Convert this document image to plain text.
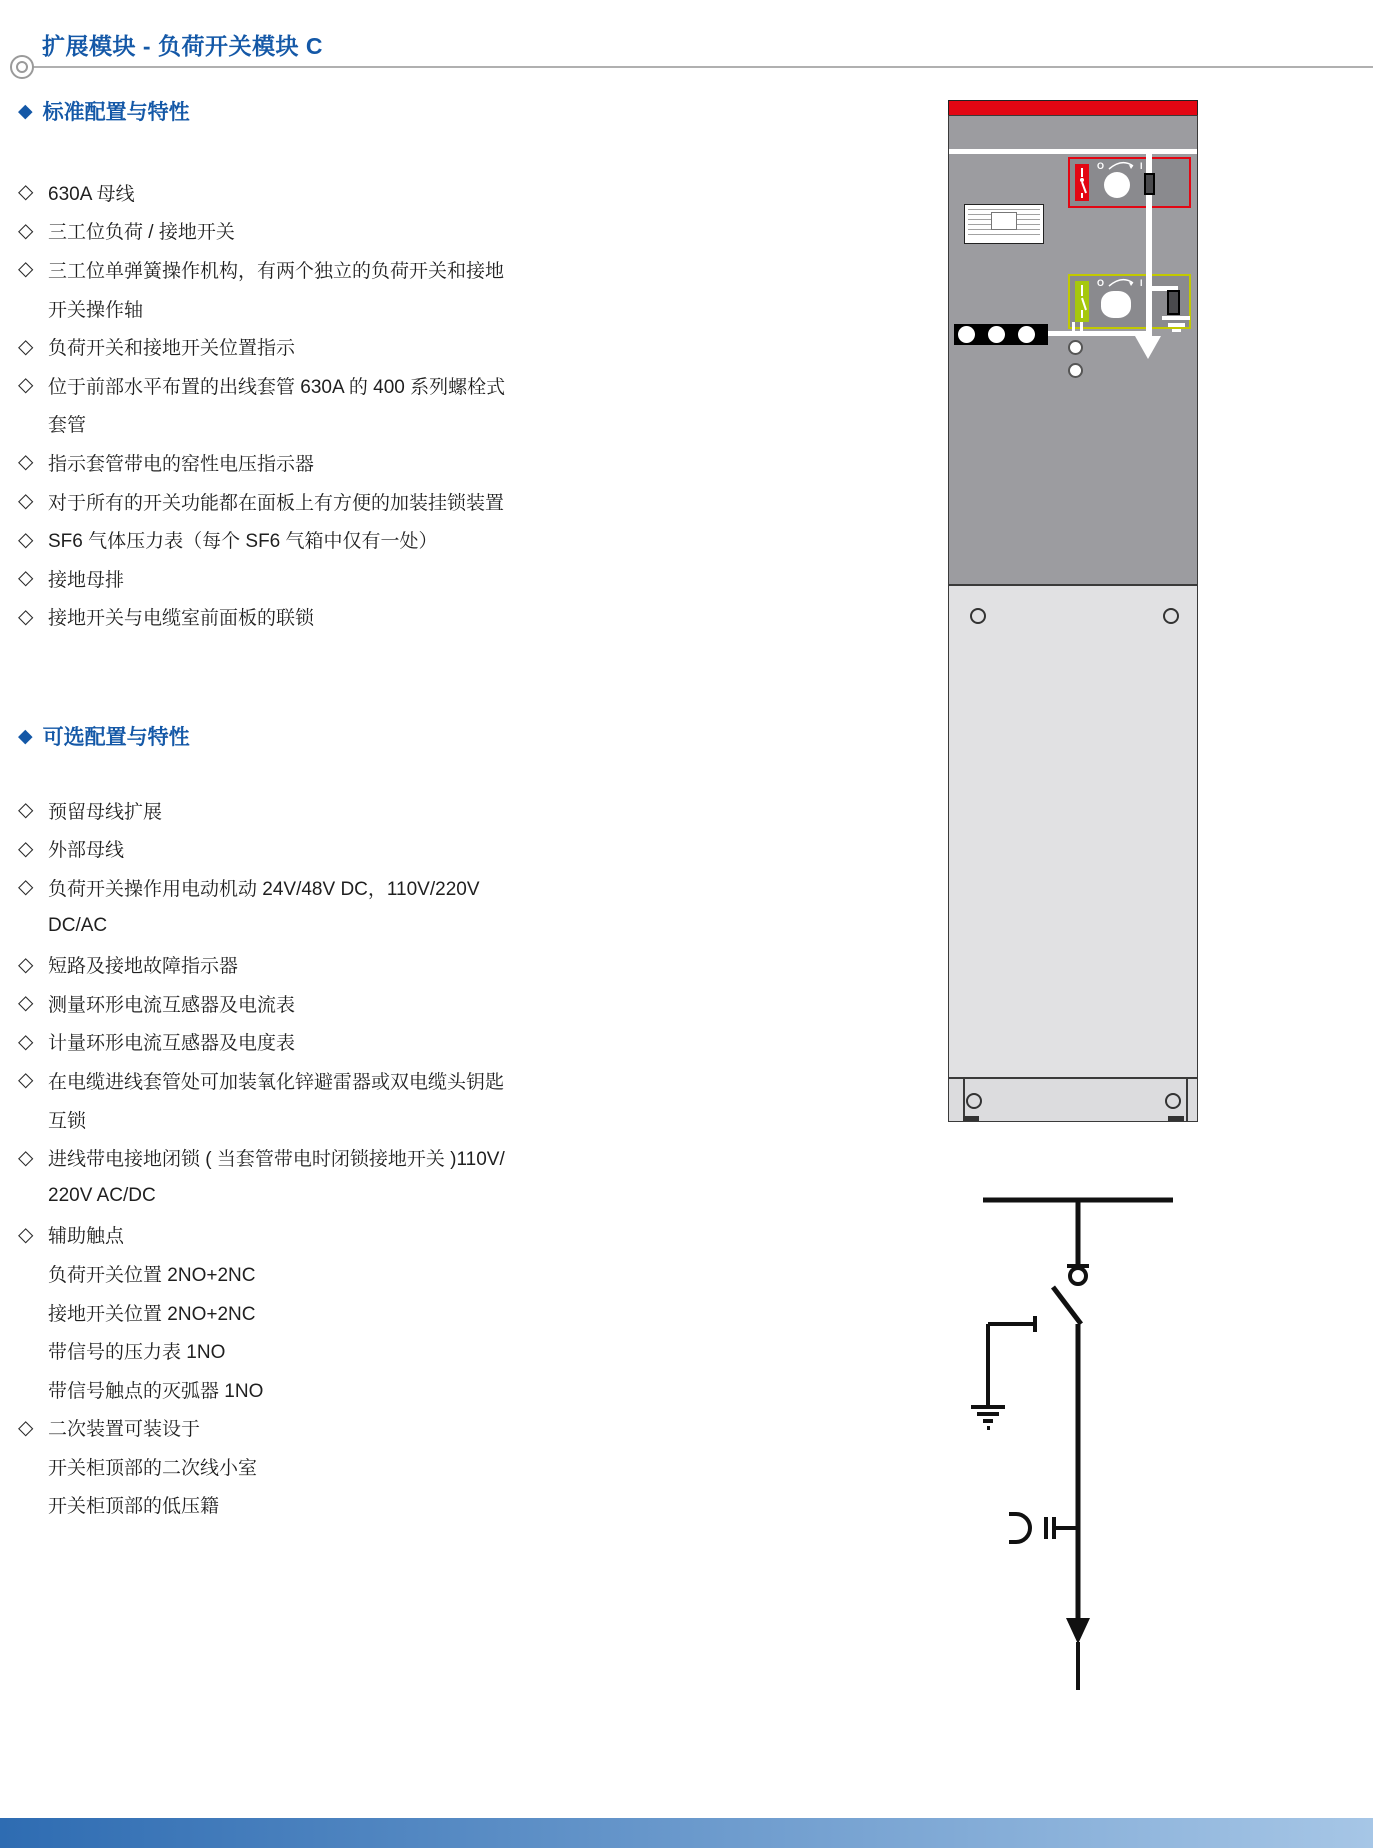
扩展模块 - 负荷开关模块 C
◆ 标准配置与特性
◇ 630A 母线
◇ 三工位负荷 / 接地开关
◇ 三工位单弹簧操作机构，有两个独立的负荷开关和接地
开关操作轴
◇ 负荷开关和接地开关位置指示
◇ 位于前部水平布置的出线套管 630A 的 400 系列螺栓式
套管
◇ 指示套管带电的窑性电压指示器
◇ 对于所有的开关功能都在面板上有方便的加装挂锁装置
◇ SF6 气体压力表（每个 SF6 气箱中仅有一处）
◇ 接地母排
◇ 接地开关与电缆室前面板的联锁
◆ 可选配置与特性
◇ 预留母线扩展
◇ 外部母线
◇ 负荷开关操作用电动机动 24V/48V DC，110V/220V
DC/AC
◇ 短路及接地故障指示器
◇ 测量环形电流互感器及电流表
◇ 计量环形电流互感器及电度表
◇ 在电缆进线套管处可加装氧化锌避雷器或双电缆头钥匙
互锁
◇ 进线带电接地闭锁 ( 当套管带电时闭锁接地开关 )110V/
220V AC/DC
◇ 辅助触点
负荷开关位置 2NO+2NC
接地开关位置 2NO+2NC
带信号的压力表 1NO
带信号触点的灭弧器 1NO
◇ 二次装置可装设于
开关柜顶部的二次线小室
开关柜顶部的低压籍
O	I
O	I
